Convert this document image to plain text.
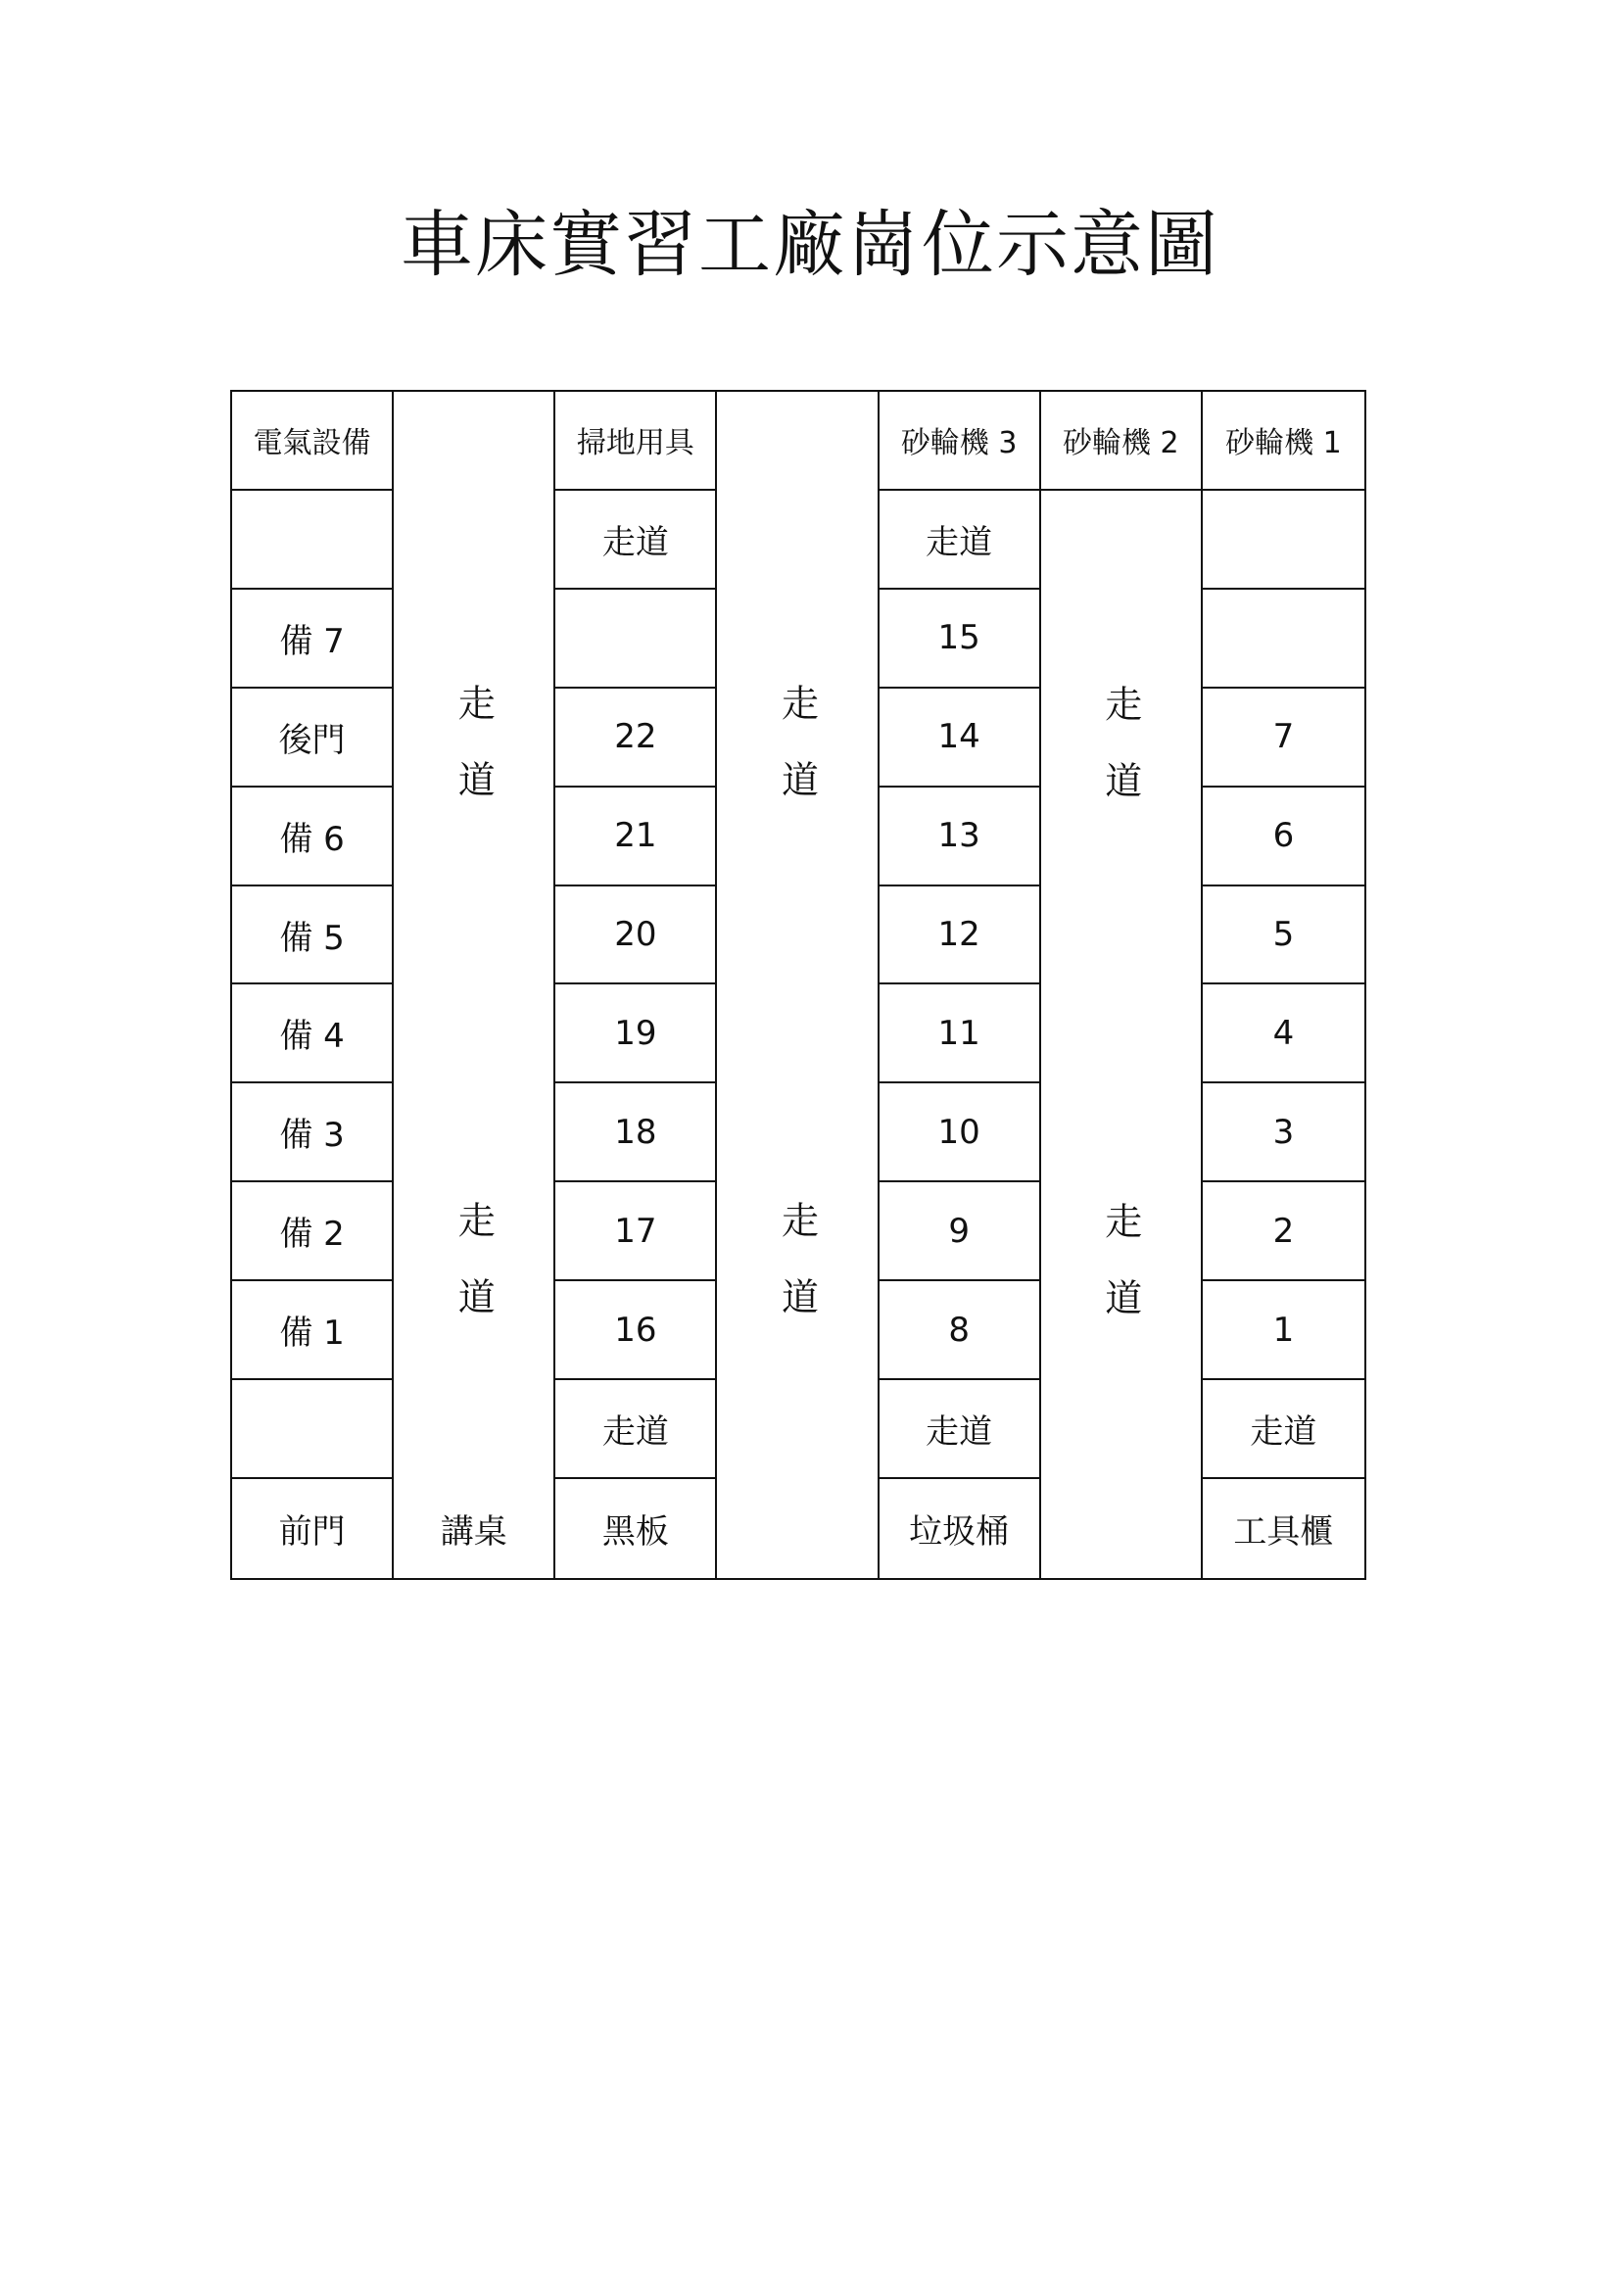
車床實習工廠崗位示意圖
電氣設備
備 7
後門
備 6
備 5
備 4
備 3
備 2
備 1
前門
走道
走道
講桌
掃地用具
走道
22
21
20
19
18
17
16
走道
黑板
走道
走道
砂輪機 3
走道
15
14
13
12
11
10
9
8
走道
垃圾桶
砂輪機 2
走道
走道
砂輪機 1
7
6
5
4
3
2
1
走道
工具櫃
